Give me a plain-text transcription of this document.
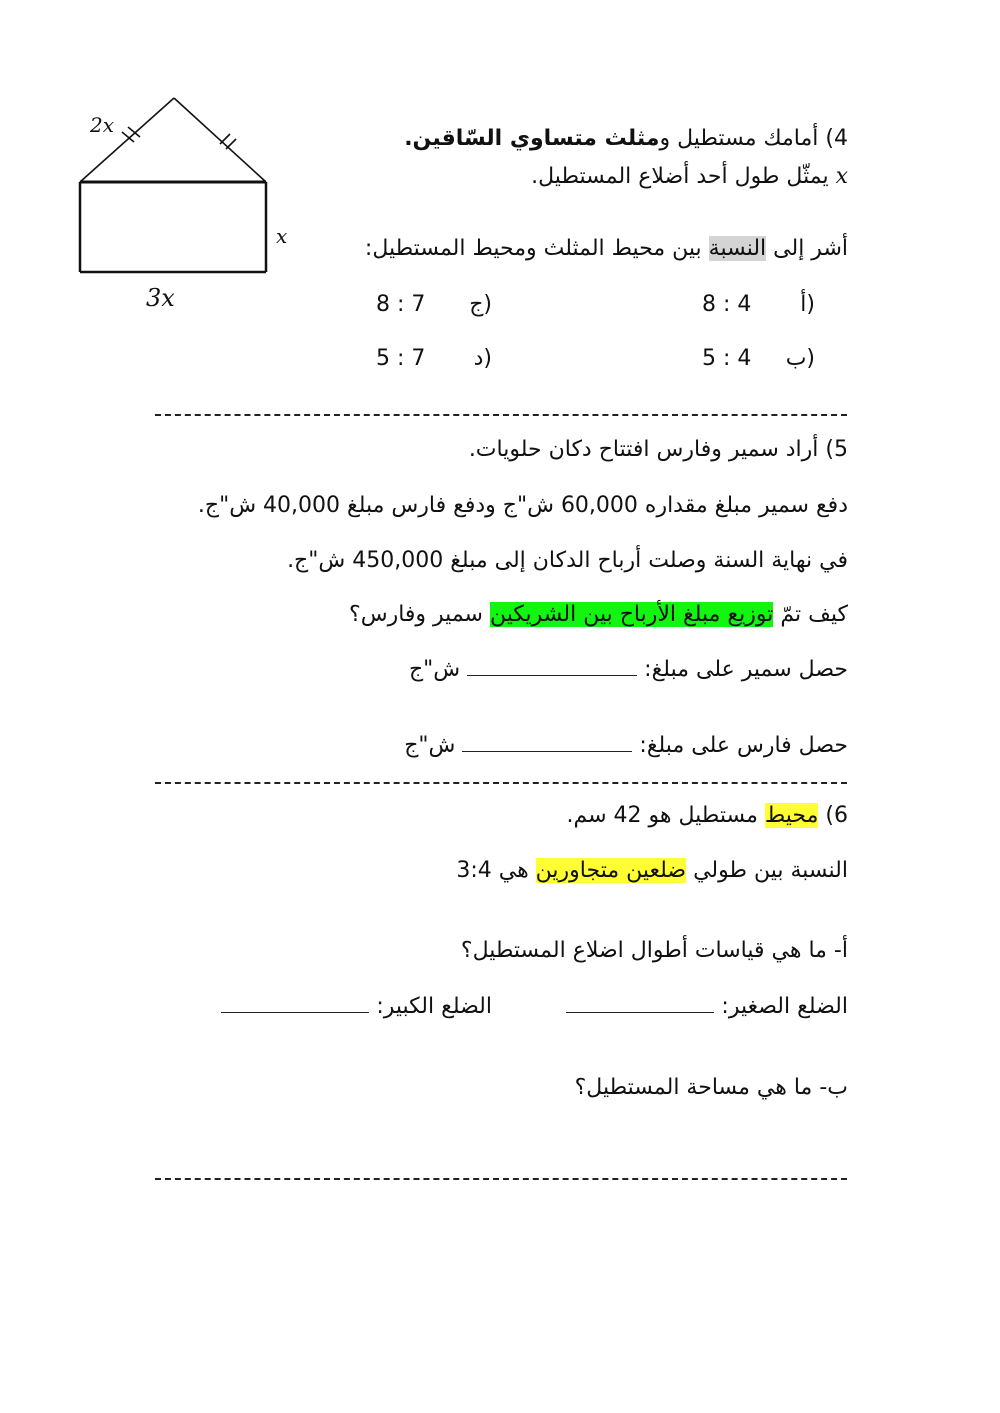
2x
x
3x
4) أمامك مستطيل ومثلث متساوي السّاقين.
x يمثّل طول أحد أضلاع المستطيل.
أشر إلى النسبة بين محيط المثلث ومحيط المستطيل:
أ)
8 : 4
ب)
5 : 4
ج)
8 : 7
د)
5 : 7
5) أراد سمير وفارس افتتاح دكان حلويات.
دفع سمير مبلغ مقداره 60,000 ش"ج ودفع فارس مبلغ 40,000 ش"ج.
في نهاية السنة وصلت أرباح الدكان إلى مبلغ 450,000 ش"ج.
كيف تمّ توزيع مبلغ الأرباح بين الشريكين سمير وفارس؟
حصل سمير على مبلغ:  ش"ج
حصل فارس على مبلغ:  ش"ج
6) محيط مستطيل هو 42 سم.
النسبة بين طولي ضلعين متجاورين هي 3:4
أ- ما هي قياسات أطوال اضلاع المستطيل؟
الضلع الصغير:
الضلع الكبير:
ب- ما هي مساحة المستطيل؟
